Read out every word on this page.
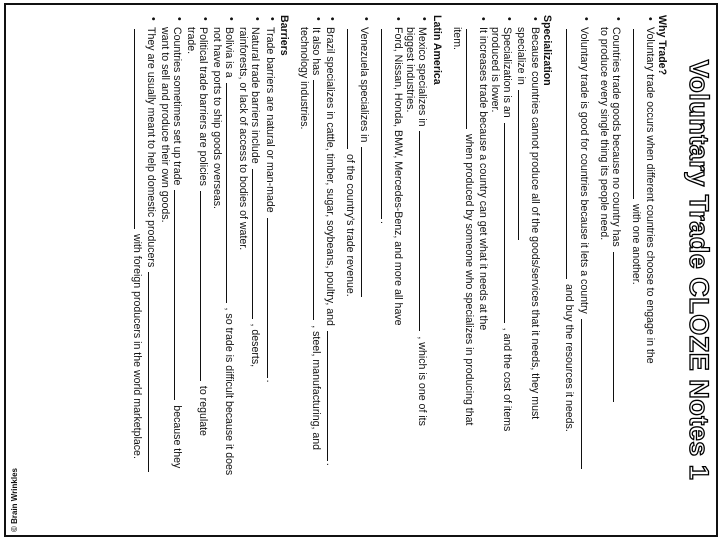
Voluntary Trade CLOZE Notes 1

Why Trade?

• Voluntary trade occurs when different countries choose to engage in the
with one another.
• Countries trade goods because no country has
to produce every single thing its people need.
• Voluntary trade is good for countries because it lets a country
and buy the resources it needs.

Specialization

• Because countries cannot produce all of the goods/services that it needs, they must
specialize in
• Specialization is an  , and the cost of items
produced is lower.
• It increases trade because a country can get what it needs at the
when produced by someone who specializes in producing that
item.

Latin America

• Mexico specializes in  , which is one of its
biggest industries.
• Ford, Nissan, Honda, BMW, Mercedes-Benz, and more all have
.
• Venezuela specializes in
of the country's trade revenue.
• Brazil specializes in cattle, timber, sugar, soybeans, poultry, and .
• It also has  , steel, manufacturing, and
technology industries.

Barriers

• Trade barriers are natural or man-made .
• Natural trade barriers include  , deserts,
rainforests, or lack of access to bodies of water.
• Bolivia is a  , so trade is difficult because it does
not have ports to ship goods overseas.
• Political trade barriers are policies  to regulate
trade.
• Countries sometimes set up trade  because they
want to sell and produce their own goods.
• They are usually meant to help domestic producers
with foreign producers in the world marketplace.
© Brain Wrinkles
